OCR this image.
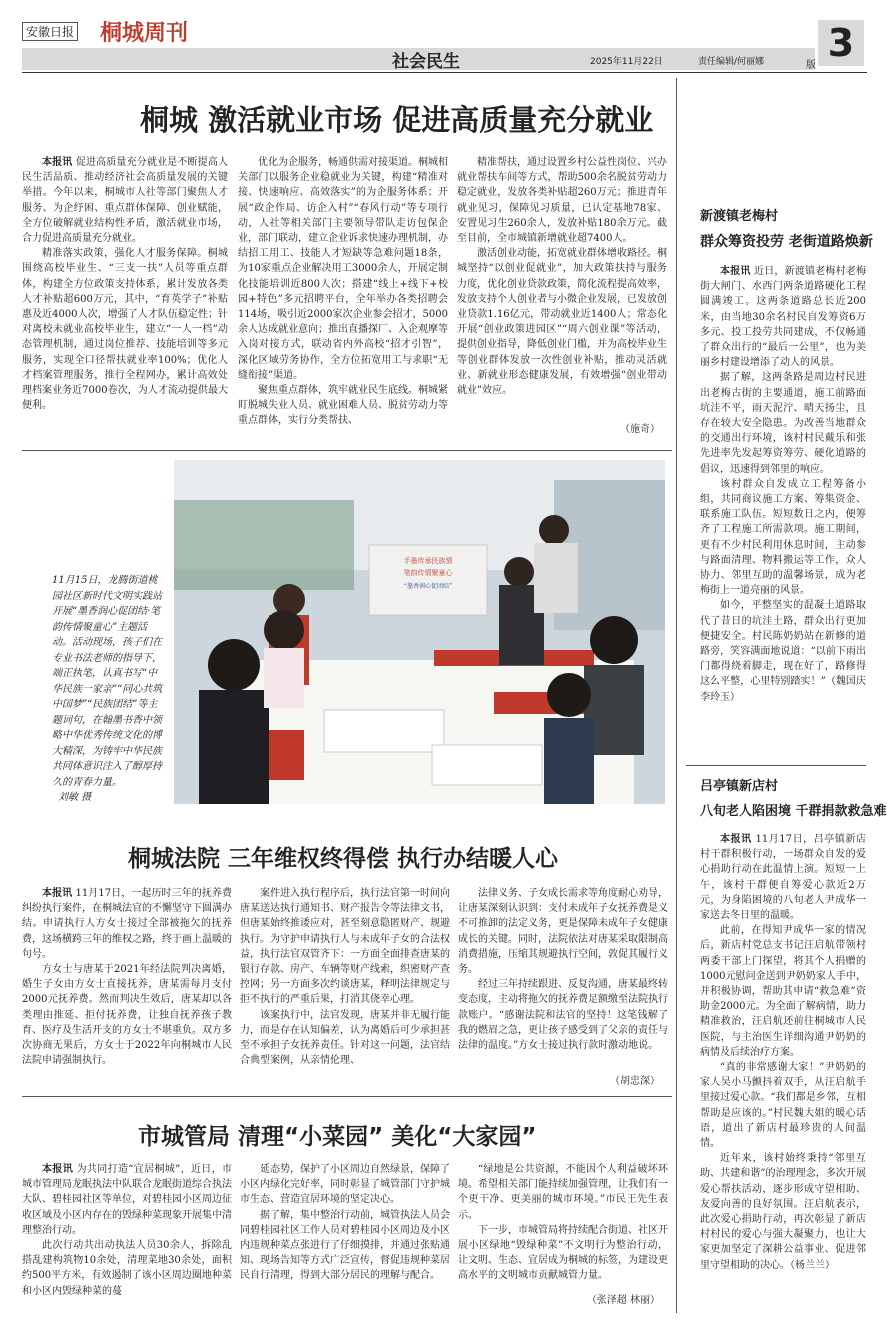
安徽日报 桐城周刊
社会民生	2025年11月22日	责任编辑/何丽娜 3
版
桐城 激活就业市场 促进高质量充分就业

本报讯 促进高质量充分就业是不断提高人民生活品质、推动经济社会高质量发展的关键举措。今年以来，桐城市人社等部门聚焦人才服务、为企纾困、重点群体保障、创业赋能，全方位破解就业结构性矛盾，激活就业市场，合力促进高质量充分就业。

精准落实政策，强化人才服务保障。桐城围绕高校毕业生、“三支一扶”人员等重点群体，构建全方位政策支持体系，累计发放各类人才补贴超600万元，其中，“育英学子”补贴惠及近4000人次，增强了人才队伍稳定性；针对离校未就业高校毕业生，建立“一人一档”动态管理机制，通过岗位推荐、技能培训等多元服务，实现全口径帮扶就业率100%；优化人才档案管理服务，推行全程网办，累计高效处理档案业务近7000卷次，为人才流动提供最大便利。

优化为企服务，畅通供需对接渠道。桐城相关部门以服务企业稳就业为关键，构建“精准对接、快速响应、高效落实”的为企服务体系；开展“政企作局、访企入村”“春风行动”等专项行动，人社等相关部门主要领导带队走访包保企业，部门联动，建立企业诉求快速办理机制，办结招工用工、技能人才短缺等急难问题18条，为10家重点企业解决用工3000余人，开展定制化技能培训近800人次；搭建“线上+线下+校园+特色”多元招聘平台，全年举办各类招聘会114场，吸引近2000家次企业参会招才，5000余人达成就业意向；推出直播探厂、入企观摩等入岗对接方式，联动省内外高校“招才引智”，深化区域劳务协作，全方位拓宽用工与求职“无缝衔接”渠道。

聚焦重点群体，筑牢就业民生底线。桐城紧盯脱城失业人员、就业困难人员、脱贫劳动力等重点群体，实行分类帮扶、

精准帮扶，通过设置乡村公益性岗位、兴办就业帮扶车间等方式，帮助500余名脱贫劳动力稳定就业，发放各类补贴超260万元；推进青年就业见习，保障见习质量，已认定基地78家、安置见习生260余人，发放补贴180余万元。截至目前，全市城镇新增就业超7400人。

激活创业动能，拓宽就业群体增收路径。桐城坚持“以创业促就业”，加大政策扶持与服务力度，优化创业贷款政策，简化流程提高效率，发放支持个人创业者与小微企业发展，已发放创业贷款1.16亿元，带动就业近1400人；常态化开展“创业政策进园区”“周六创业课”等活动，提供创业指导，降低创业门槛，并为高校毕业生等创业群体发放一次性创业补贴，推动灵活就业、新就业形态健康发展，有效增强“创业带动就业”效应。

（施奇）
手墨传承民族情
笔韵传情聚童心
“墨香润心促团结”
11月15日，龙腾街道桃园社区新时代文明实践站开展“墨香润心促团结·笔韵传情聚童心”主题活动。活动现场，孩子们在专业书法老师的指导下，端正执笔，认真书写“中华民族一家亲”“同心共筑中国梦”“民族团结”等主题词句，在翰墨书香中领略中华优秀传统文化的博大精深，为铸牢中华民族共同体意识注入了醇厚持久的青春力量。 刘敏 摄
桐城法院 三年维权终得偿 执行办结暖人心

本报讯 11月17日，一起历时三年的抚养费纠纷执行案件，在桐城法官的不懈坚守下圆满办结。申请执行人方女士接过全部被拖欠的抚养费，这场横跨三年的维权之路，终于画上温暖的句号。

方女士与唐某于2021年经法院判决离婚，婚生子女由方女士直接抚养，唐某需每月支付2000元抚养费。然而判决生效后，唐某却以各类理由推延、拒付抚养费，让独自抚养孩子教育、医疗及生活开支的方女士不堪重负。双方多次协商无果后，方女士于2022年向桐城市人民法院申请强制执行。

案件进入执行程序后，执行法官第一时间向唐某送达执行通知书、财产报告令等法律文书，但唐某始终推诿应对，甚至刻意隐匿财产、规避执行。为守护申请执行人与未成年子女的合法权益，执行法官双管齐下：一方面全面排查唐某的银行存款、房产、车辆等财产线索，织密财产查控网；另一方面多次约谈唐某，释明法律规定与拒不执行的严重后果，打消其侥幸心理。

该案执行中，法官发现，唐某并非无履行能力，而是存在认知偏差，认为离婚后可少承担甚至不承担子女抚养责任。针对这一问题，法官结合典型案例，从亲情伦理、

法律义务、子女成长需求等角度耐心劝导，让唐某深刻认识到：支付未成年子女抚养费是义不可推卸的法定义务，更是保障未成年子女健康成长的关键。同时，法院依法对唐某采取限制高消费措施，压缩其规避执行空间，敦促其履行义务。

经过三年持续跟进、反复沟通，唐某最终转变态度，主动将拖欠的抚养费足额缴至法院执行款账户。“感谢法院和法官的坚持！这笔钱解了我的燃眉之急，更让孩子感受到了父亲的责任与法律的温度。”方女士接过执行款时激动地说。

（胡忠深）
市城管局 清理“小菜园” 美化“大家园”

本报讯 为共同打造“宜居桐城”，近日，市城市管理局龙眠执法中队联合龙眠街道综合执法大队、碧桂园社区等单位，对碧桂园小区周边征收区域及小区内存在的毁绿种菜现象开展集中清理整治行动。

此次行动共出动执法人员30余人，拆除乱搭乱建构筑物10余处，清理菜地30余处，面积约500平方米，有效遏制了该小区周边圈地种菜和小区内毁绿种菜的蔓

延态势，保护了小区周边自然绿景，保障了小区内绿化完好率，同时彰显了城管部门守护城市生态、营造宜居环境的坚定决心。

据了解，集中整治行动前，城管执法人员会同碧桂园社区工作人员对碧桂园小区周边及小区内违规种菜点张进行了仔细摸排，并通过张贴通知、现场告知等方式广泛宣传，督促违规种菜居民自行清理，得到大部分居民的理解与配合。

“绿地是公共资源，不能因个人利益破坏环境。希望相关部门能持续加强管理，让我们有一个更干净、更美丽的城市环境。”市民王先生表示。

下一步，市城管局将持续配合街道、社区开展小区绿地“毁绿种菜”不文明行为整治行动，让文明、生态、宜居成为桐城的标签，为建设更高水平的文明城市贡献城管力量。

（张泽超 林丽）
新渡镇老梅村
群众筹资投劳 老街道路焕新

本报讯 近日，新渡镇老梅村老梅街大闸门、水西门两条道路硬化工程圆满竣工。这两条道路总长近200米，由当地30余名村民自发筹资6万多元、投工投劳共同建成，不仅畅通了群众出行的“最后一公里”，也为美丽乡村建设增添了动人的风景。

据了解，这两条路是周边村民进出老梅古街的主要通道，施工前路面坑洼不平，雨天泥泞、晴天扬尘，且存在较大安全隐患。为改善当地群众的交通出行环境，该村村民戴乐和张先进率先发起筹资筹劳、硬化道路的倡议，迅速得到邻里的响应。

该村群众自发成立工程筹备小组，共同商议施工方案、筹集资金、联系施工队伍。短短数日之内，便筹齐了工程施工所需款项。施工期间，更有不少村民利用休息时间，主动参与路面清理、物料搬运等工作，众人协力、邻里互助的温馨场景，成为老梅街上一道亮丽的风景。

如今，平整坚实的混凝土道路取代了昔日的坑洼土路，群众出行更加便捷安全。村民陈奶奶站在新修的道路旁，笑容满面地说道：“以前下雨出门都得绕着脚走，现在好了，路修得这么平整，心里特别踏实！”（魏国庆 李玲玉）

吕亭镇新店村
八旬老人陷困境 千群捐款救急难

本报讯 11月17日，吕亭镇新店村干群积极行动，一场群众自发的爱心捐助行动在此温情上演。短短一上午，该村干群便自筹爱心款近2万元，为身陷困境的八旬老人尹成华一家送去冬日里的温暖。

此前，在得知尹成华一家的情况后，新店村党总支书记汪启航带领村两委干部上门探望，将其个人捐赠的1000元慰问金送到尹奶奶家人手中，并积极协调，帮助其申请“救急难”资助金2000元。为全面了解病情，助力精准救治，汪启航还前往桐城市人民医院，与主治医生详细沟通尹奶奶的病情及后续治疗方案。

“真的非常感谢大家！”尹奶奶的家人吴小马颤抖着双手，从汪启航手里接过爱心款。“我们都是乡邻，互相帮助是应该的。”村民魏大姐的暖心话语，道出了新店村最珍贵的人间温情。

近年来，该村始终秉持“邻里互助、共建和谐”的治理理念，多次开展爱心帮扶活动，逐步形成守望相助、友爱向善的良好氛围。汪启航表示，此次爱心捐助行动，再次彰显了新店村村民的爱心与强大凝聚力，也让大家更加坚定了深耕公益事业、促进邻里守望相助的决心。（杨兰兰）
